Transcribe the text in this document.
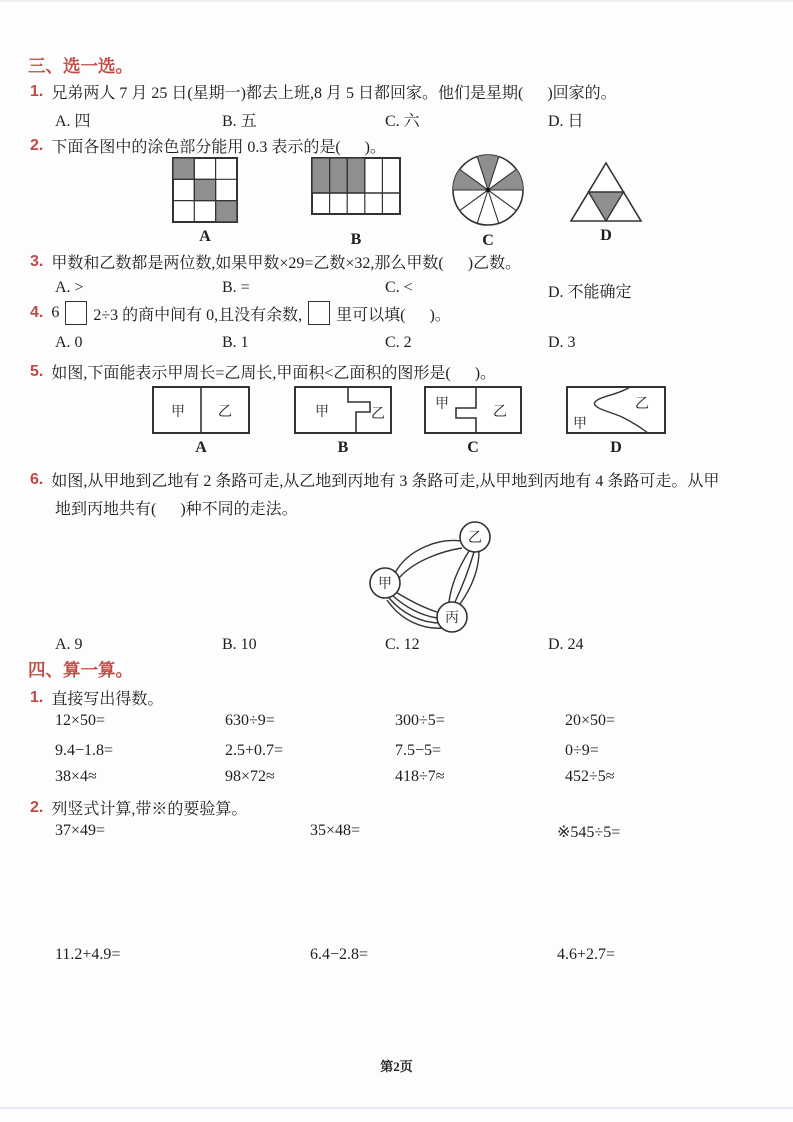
三、选一选。
1. 兄弟两人 7 月 25 日(星期一)都去上班,8 月 5 日都回家。他们是星期(      )回家的。
A. 四	B. 五	C. 六	D. 日
2. 下面各图中的涂色部分能用 0.3 表示的是(      )。
A	B	C	D
3. 甲数和乙数都是两位数,如果甲数×29=乙数×32,那么甲数(      )乙数。
A. >	B. =	C. <	D. 不能确定
4. 6 2÷3 的商中间有 0,且没有余数, 里可以填(      )。
A. 0	B. 1	C. 2	D. 3
5. 如图,下面能表示甲周长=乙周长,甲面积<乙面积的图形是(      )。
甲 乙
A
甲	乙
B
甲
乙
C
甲
乙
D
6. 如图,从甲地到乙地有 2 条路可走,从乙地到丙地有 3 条路可走,从甲地到丙地有 4 条路可走。从甲
地到丙地共有(      )种不同的走法。
甲
乙
丙
A. 9	B. 10	C. 12	D. 24
四、算一算。
1. 直接写出得数。
12×50=	630÷9=	300÷5=	20×50=
9.4−1.8=	2.5+0.7=	7.5−5=	0÷9=
38×4≈	98×72≈	418÷7≈	452÷5≈
2. 列竖式计算,带※的要验算。
37×49=	35×48=	※545÷5=
11.2+4.9=	6.4−2.8=	4.6+2.7=
第2页
